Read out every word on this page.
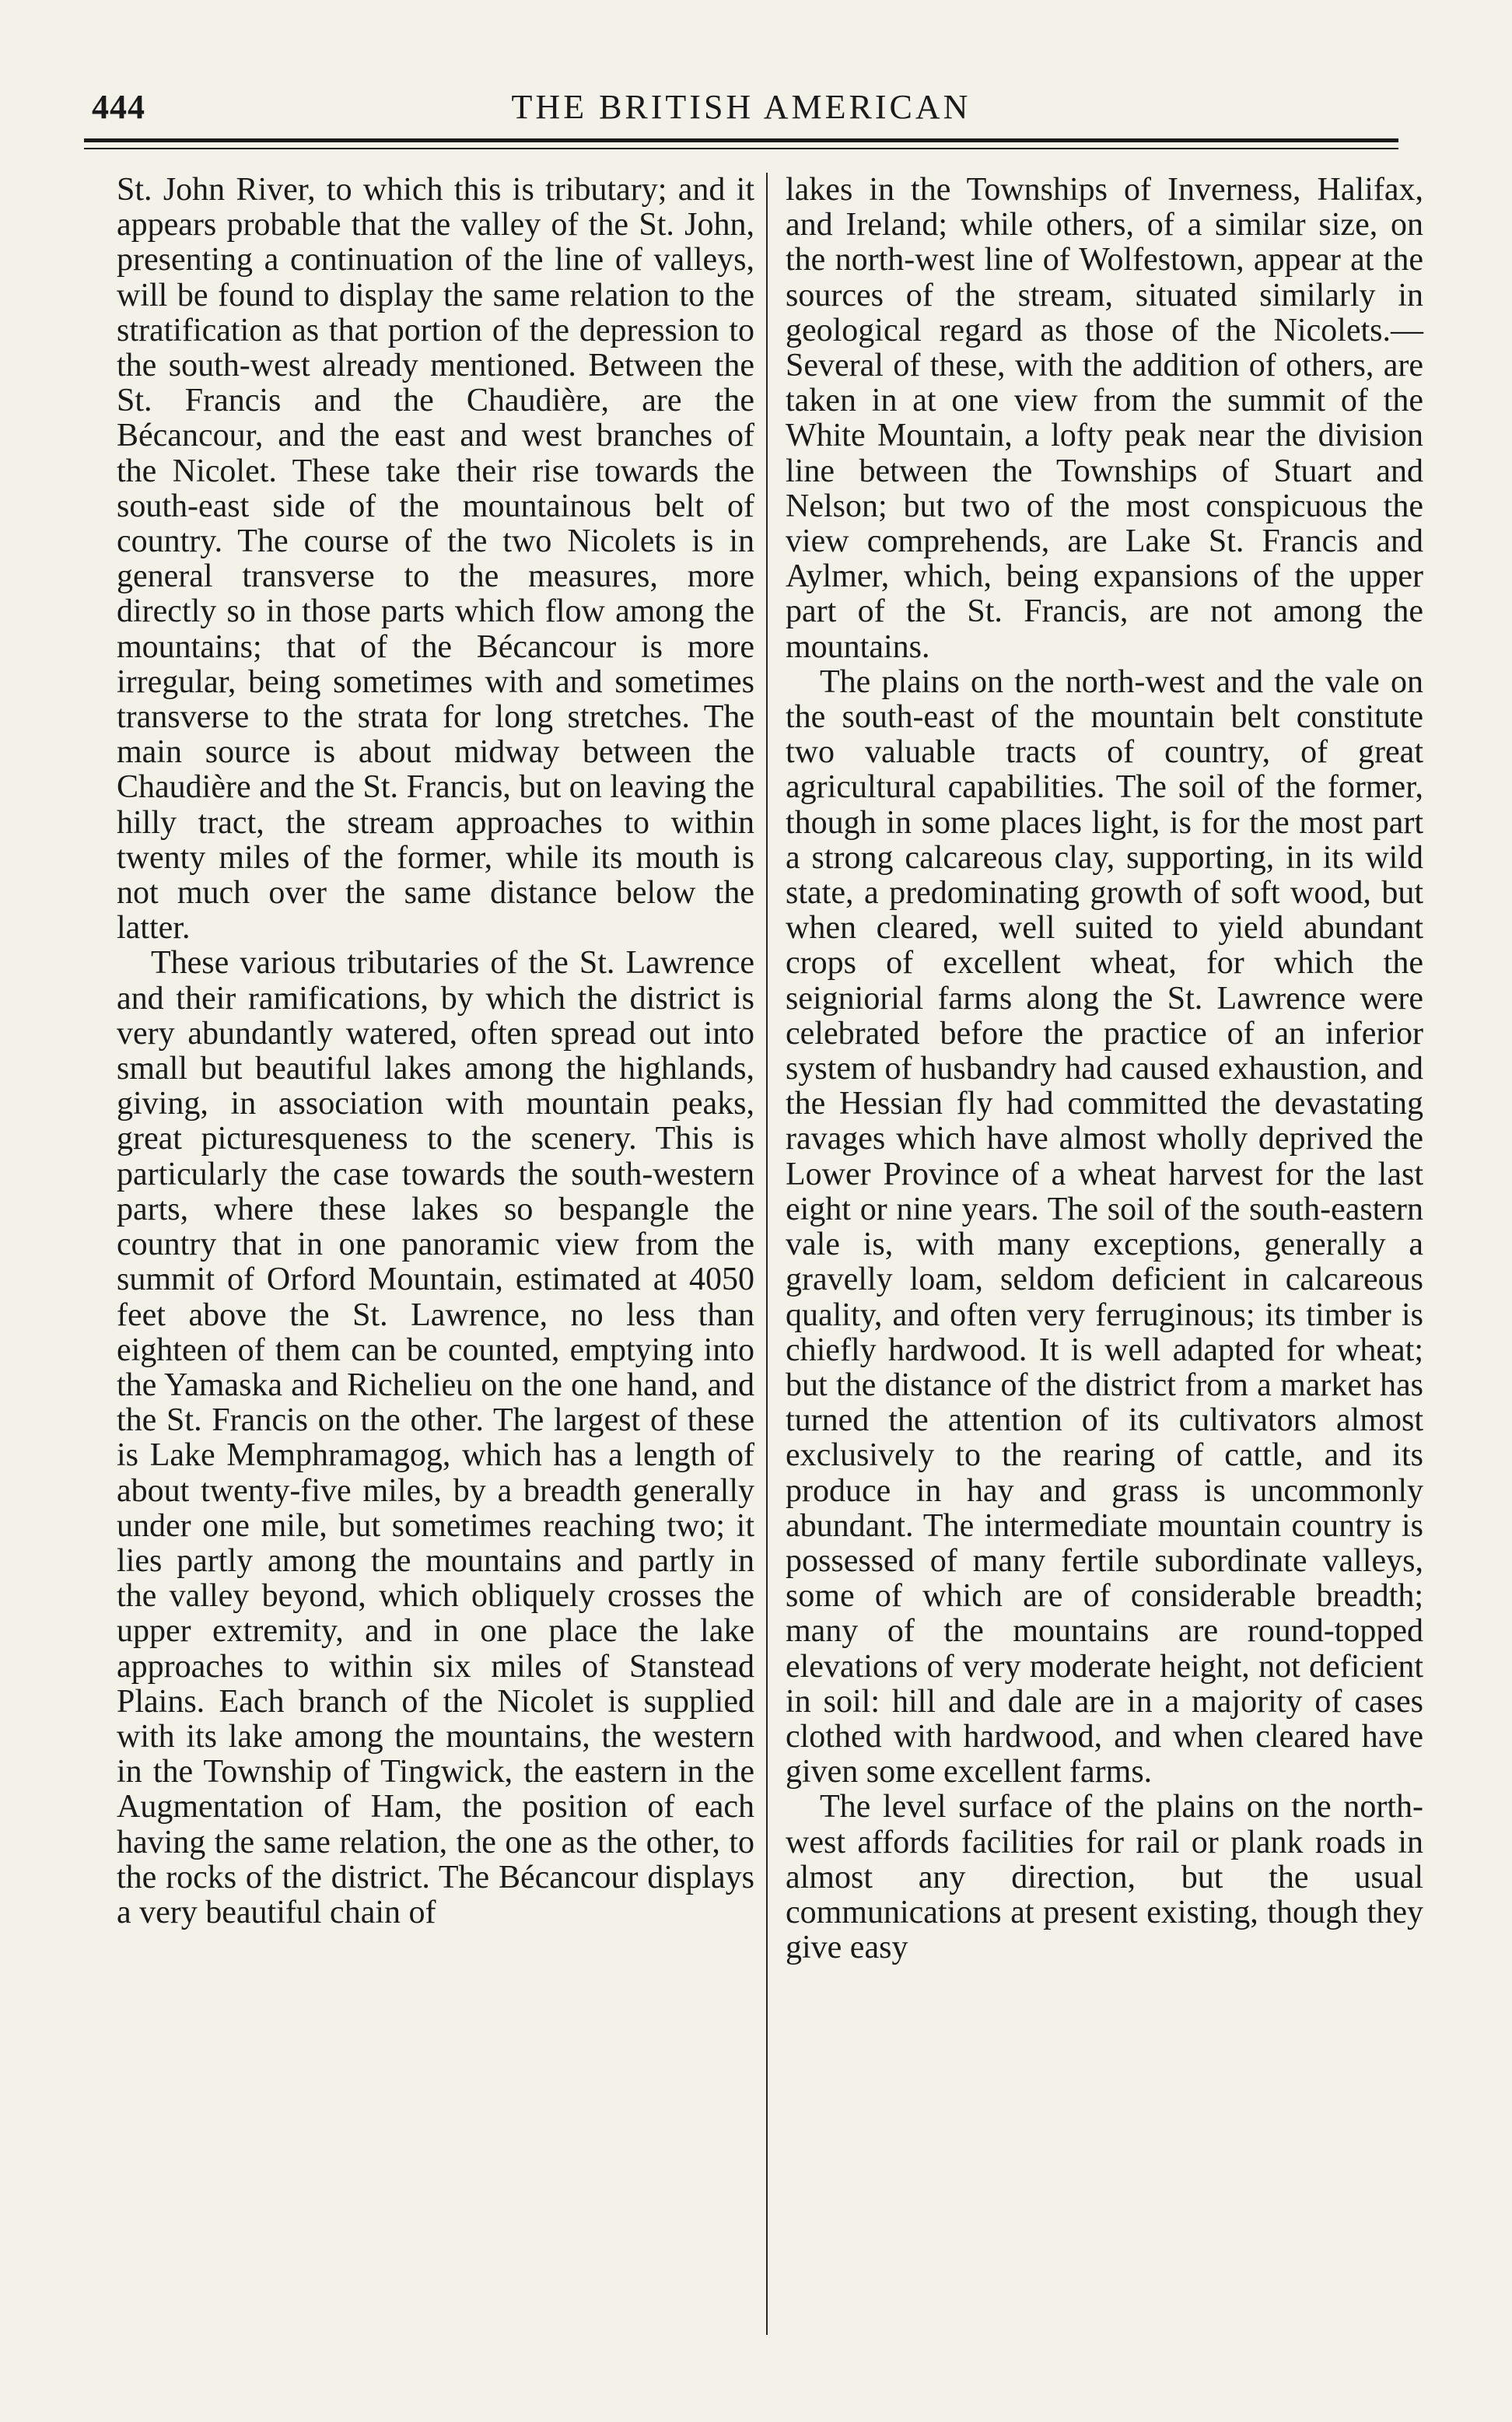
444	THE BRITISH AMERICAN

St. John River, to which this is tributary; and it appears probable that the valley of the St. John, presenting a continuation of the line of valleys, will be found to display the same relation to the stratification as that portion of the depression to the south-west already mentioned. Between the St. Francis and the Chaudière, are the Bécancour, and the east and west branches of the Nicolet. These take their rise towards the south-east side of the mountainous belt of country. The course of the two Nicolets is in general transverse to the measures, more directly so in those parts which flow among the mountains; that of the Bécancour is more irregular, being sometimes with and sometimes transverse to the strata for long stretches. The main source is about midway between the Chaudière and the St. Francis, but on leaving the hilly tract, the stream approaches to within twenty miles of the former, while its mouth is not much over the same distance below the latter.

These various tributaries of the St. Lawrence and their ramifications, by which the district is very abundantly watered, often spread out into small but beautiful lakes among the highlands, giving, in association with mountain peaks, great picturesqueness to the scenery. This is particularly the case towards the south-western parts, where these lakes so bespangle the country that in one panoramic view from the summit of Orford Mountain, estimated at 4050 feet above the St. Lawrence, no less than eighteen of them can be counted, emptying into the Yamaska and Richelieu on the one hand, and the St. Francis on the other. The largest of these is Lake Memphramagog, which has a length of about twenty-five miles, by a breadth generally under one mile, but sometimes reaching two; it lies partly among the mountains and partly in the valley beyond, which obliquely crosses the upper extremity, and in one place the lake approaches to within six miles of Stanstead Plains. Each branch of the Nicolet is supplied with its lake among the mountains, the western in the Township of Tingwick, the eastern in the Augmentation of Ham, the position of each having the same relation, the one as the other, to the rocks of the district. The Bécancour displays a very beautiful chain of

lakes in the Townships of Inverness, Halifax, and Ireland; while others, of a similar size, on the north-west line of Wolfestown, appear at the sources of the stream, situated similarly in geological regard as those of the Nicolets.—Several of these, with the addition of others, are taken in at one view from the summit of the White Mountain, a lofty peak near the division line between the Townships of Stuart and Nelson; but two of the most conspicuous the view comprehends, are Lake St. Francis and Aylmer, which, being expansions of the upper part of the St. Francis, are not among the mountains.

The plains on the north-west and the vale on the south-east of the mountain belt constitute two valuable tracts of country, of great agricultural capabilities. The soil of the former, though in some places light, is for the most part a strong calcareous clay, supporting, in its wild state, a predominating growth of soft wood, but when cleared, well suited to yield abundant crops of excellent wheat, for which the seigniorial farms along the St. Lawrence were celebrated before the practice of an inferior system of husbandry had caused exhaustion, and the Hessian fly had committed the devastating ravages which have almost wholly deprived the Lower Province of a wheat harvest for the last eight or nine years. The soil of the south-eastern vale is, with many exceptions, generally a gravelly loam, seldom deficient in calcareous quality, and often very ferruginous; its timber is chiefly hardwood. It is well adapted for wheat; but the distance of the district from a market has turned the attention of its cultivators almost exclusively to the rearing of cattle, and its produce in hay and grass is uncommonly abundant. The intermediate mountain country is possessed of many fertile subordinate valleys, some of which are of considerable breadth; many of the mountains are round-topped elevations of very moderate height, not deficient in soil: hill and dale are in a majority of cases clothed with hardwood, and when cleared have given some excellent farms.

The level surface of the plains on the north-west affords facilities for rail or plank roads in almost any direction, but the usual communications at present existing, though they give easy
